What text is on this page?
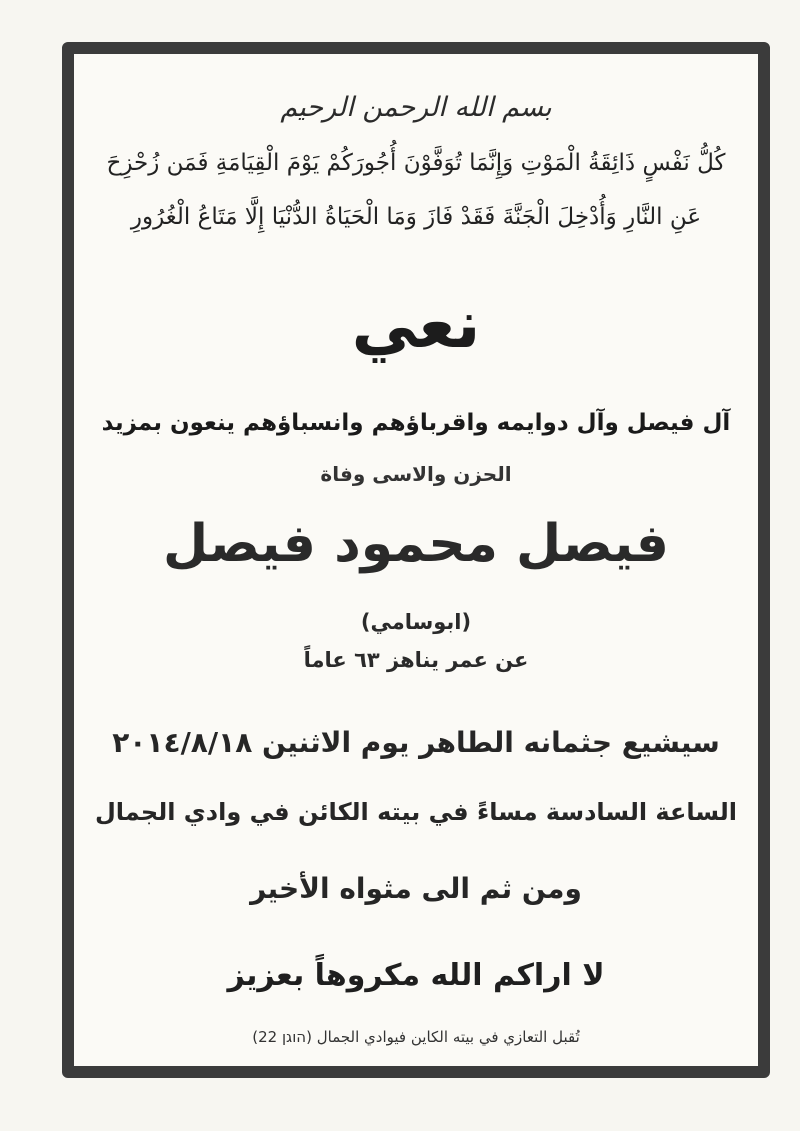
بسم الله الرحمن الرحيم
كُلُّ نَفْسٍ ذَائِقَةُ الْمَوْتِ وَإِنَّمَا تُوَفَّوْنَ أُجُورَكُمْ يَوْمَ الْقِيَامَةِ فَمَن زُحْزِحَ
عَنِ النَّارِ وَأُدْخِلَ الْجَنَّةَ فَقَدْ فَازَ وَمَا الْحَيَاةُ الدُّنْيَا إِلَّا مَتَاعُ الْغُرُورِ
نعي
آل فيصل وآل دوايمه واقرباؤهم وانسباؤهم ينعون بمزيد
الحزن والاسى وفاة
فيصل محمود فيصل
(ابوسامي)
عن عمر يناهز ٦٣ عاماً
سيشيع جثمانه الطاهر يوم الاثنين ٢٠١٤/٨/١٨
الساعة السادسة مساءً في بيته الكائن في وادي الجمال
ومن ثم الى مثواه الأخير
لا اراكم الله مكروهاً بعزيز
تُقبل التعازي في بيته الكاين فيوادي الجمال (הוגן 22)
